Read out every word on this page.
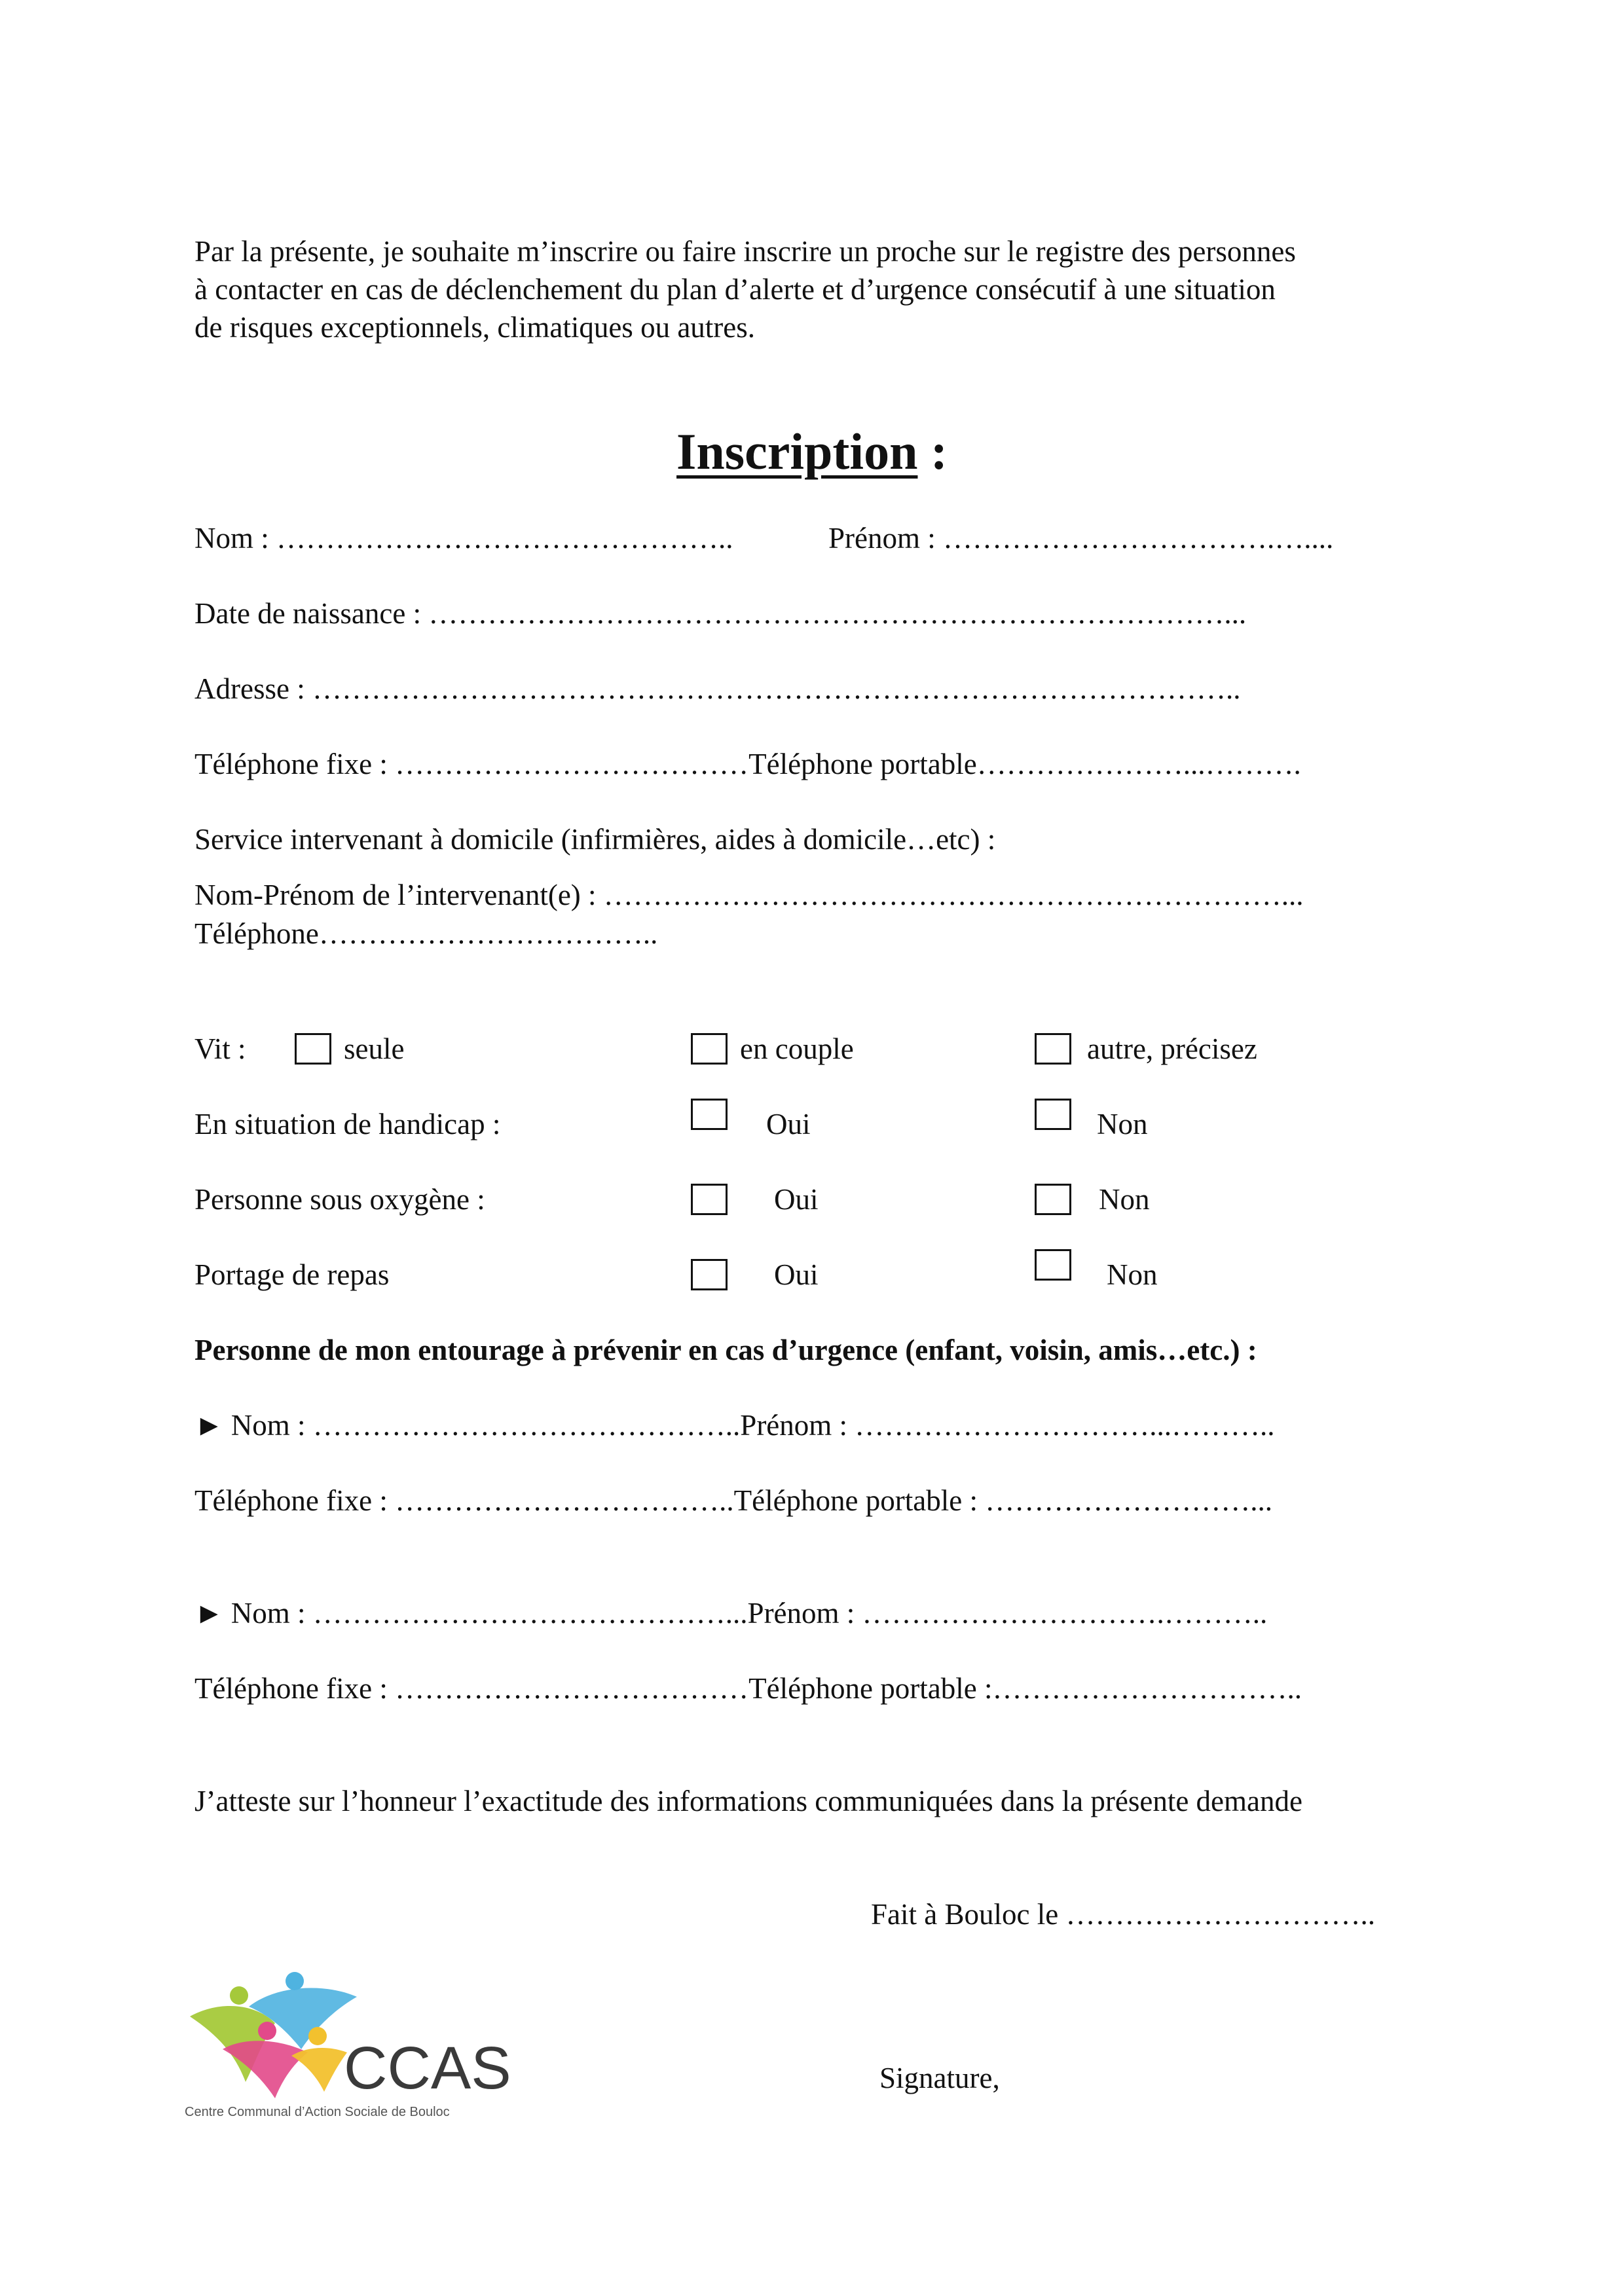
Par la présente, je souhaite m’inscrire ou faire inscrire un proche sur le registre des personnes
à contacter en cas de déclenchement du plan d’alerte et d’urgence consécutif à une situation
de risques exceptionnels, climatiques ou autres.
Inscription :
Nom : ………………………………………..	Prénom : …………………………….…....
Date de naissance : ………………………………………………………………………...
Adresse : …………………………………………………………………………………..
Téléphone fixe : ………………………………Téléphone portable…………………...……….
Service intervenant à domicile (infirmières, aides à domicile…etc) :
Nom-Prénom de l’intervenant(e) : ……………………………………………………………...
Téléphone……………………………..
Vit :	seule	en couple	autre, précisez
En situation de handicap :	Oui	Non
Personne sous oxygène :	Oui	Non
Portage de repas	Oui	Non
Personne de mon entourage à prévenir en cas d’urgence (enfant, voisin, amis…etc.) :
► Nom : ……………………………………..Prénom : …………………………...………..
Téléphone fixe : ……………………………..Téléphone portable : ………………………...
► Nom : ……………………………………...Prénom : ………………………….………..
Téléphone fixe : ………………………………Téléphone portable :…………………………..
J’atteste sur l’honneur l’exactitude des informations communiquées dans la présente demande
Fait à Bouloc le …………………………..
Signature,
CCAS
Centre Communal d’Action Sociale de Bouloc
